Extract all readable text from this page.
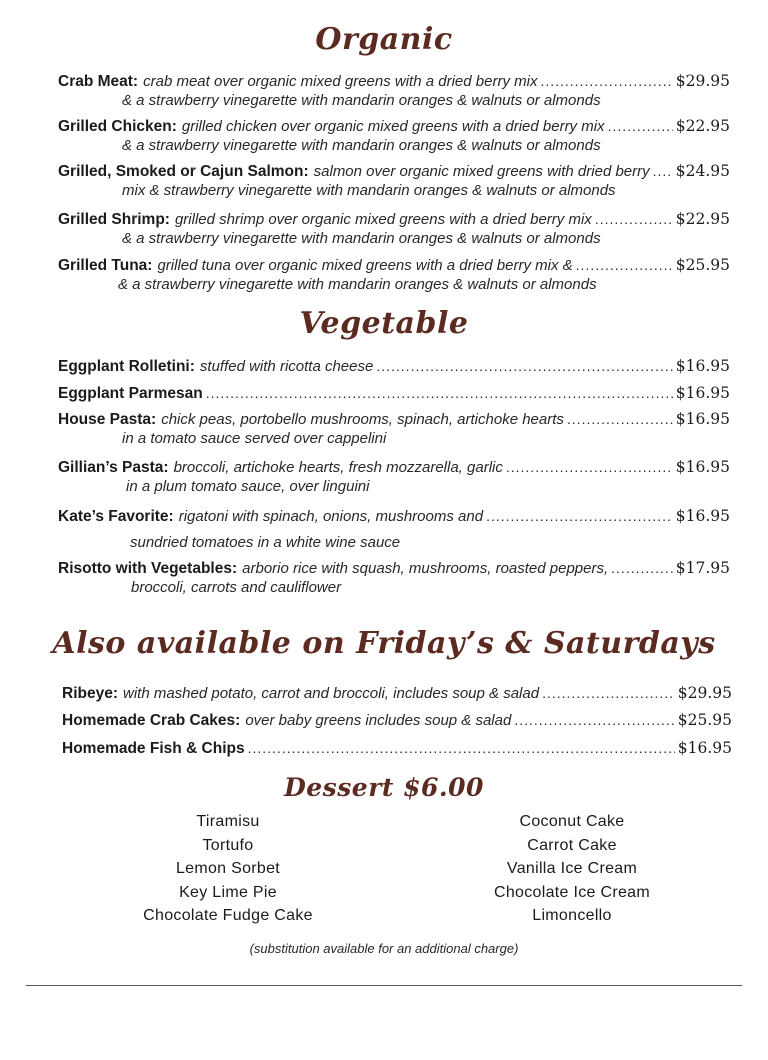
Organic
Crab Meat: crab meat over organic mixed greens with a dried berry mix .....	$29.95
& a strawberry vinegarette with mandarin oranges & walnuts or almonds
Grilled Chicken: grilled chicken over organic mixed greens with a dried berry mix .....	$22.95
& a strawberry vinegarette with mandarin oranges & walnuts or almonds
Grilled, Smoked or Cajun Salmon: salmon over organic mixed greens with dried berry ..... $24.95
mix & strawberry vinegarette with mandarin oranges & walnuts or almonds
Grilled Shrimp: grilled shrimp over organic mixed greens with a dried berry mix .....	$22.95
& a strawberry vinegarette with mandarin oranges & walnuts or almonds
Grilled Tuna: grilled tuna over organic mixed greens with a dried berry mix & .....	$25.95
& a strawberry vinegarette with mandarin oranges & walnuts or almonds
Vegetable
Eggplant Rolletini: stuffed with ricotta cheese .....	$16.95
Eggplant Parmesan .....	$16.95
House Pasta: chick peas, portobello mushrooms, spinach, artichoke hearts .....	$16.95
in a tomato sauce served over cappelini
Gillian’s Pasta: broccoli, artichoke hearts, fresh mozzarella, garlic .....	$16.95
in a plum tomato sauce, over linguini
Kate’s Favorite: rigatoni with spinach, onions, mushrooms and .....	$16.95
sundried tomatoes in a white wine sauce
Risotto with Vegetables: arborio rice with squash, mushrooms, roasted peppers, .....	$17.95
broccoli, carrots and cauliflower
Also available on Friday’s & Saturdays
Ribeye: with mashed potato, carrot and broccoli, includes soup & salad .....	$29.95
Homemade Crab Cakes: over baby greens includes soup & salad .....	$25.95
Homemade Fish & Chips .....	$16.95
Dessert $6.00
Tiramisu
Tortufo
Lemon Sorbet
Key Lime Pie
Chocolate Fudge Cake
Coconut Cake
Carrot Cake
Vanilla Ice Cream
Chocolate Ice Cream
Limoncello
(substitution available for an additional charge)
